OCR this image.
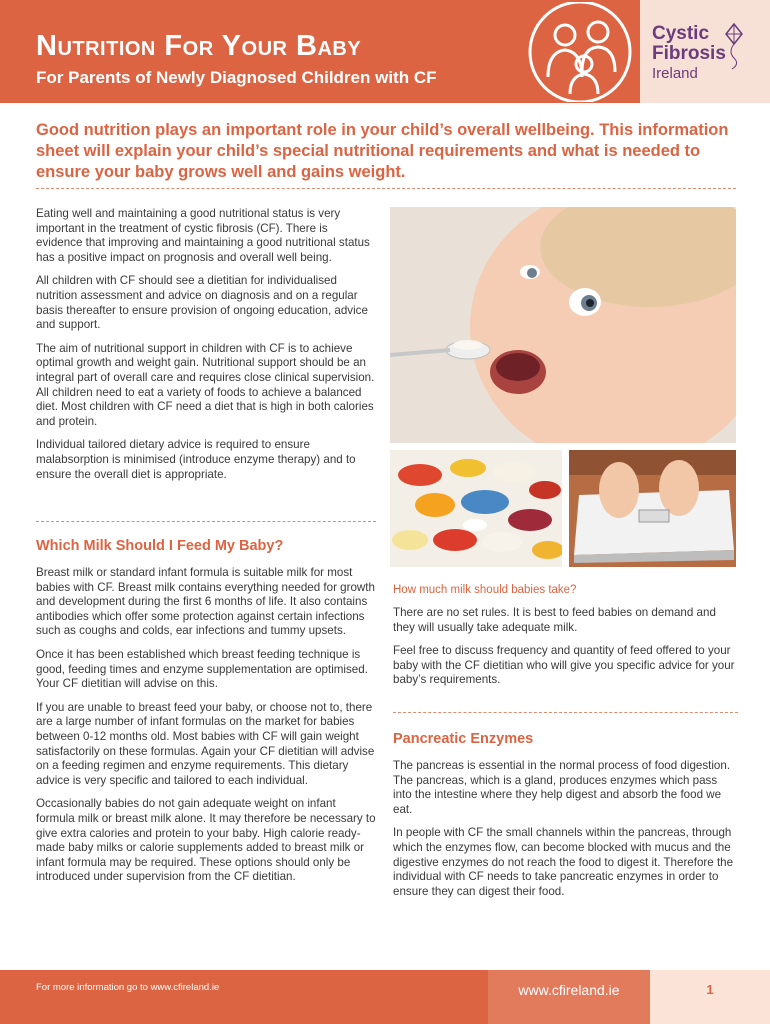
Nutrition For Your Baby
For Parents of Newly Diagnosed Children with CF
Cystic
Fibrosis
Ireland
Good nutrition plays an important role in your child’s overall wellbeing. This information sheet will explain your child’s special nutritional requirements and what is needed to ensure your baby grows well and gains weight.

Eating well and maintaining a good nutritional status is very important in the treatment of cystic fibrosis (CF). There is evidence that improving and maintaining a good nutritional status has a positive impact on prognosis and overall well being.

All children with CF should see a dietitian for individualised nutrition assessment and advice on diagnosis and on a regular basis thereafter to ensure provision of ongoing education, advice and support.

The aim of nutritional support in children with CF is to achieve optimal growth and weight gain. Nutritional support should be an integral part of overall care and requires close clinical supervision. All children need to eat a variety of foods to achieve a balanced diet. Most children with CF need a diet that is high in both calories and protein.

Individual tailored dietary advice is required to ensure malabsorption is minimised (introduce enzyme therapy) and to ensure the overall diet is appropriate.

Which Milk Should I Feed My Baby?

Breast milk or standard infant formula is suitable milk for most babies with CF. Breast milk contains everything needed for growth and development during the first 6 months of life. It also contains antibodies which offer some protection against certain infections such as coughs and colds, ear infections and tummy upsets.

Once it has been established which breast feeding technique is good, feeding times and enzyme supplementation are optimised. Your CF dietitian will advise on this.

If you are unable to breast feed your baby, or choose not to, there are a large number of infant formulas on the market for babies between 0-12 months old. Most babies with CF will gain weight satisfactorily on these formulas. Again your CF dietitian will advise on a feeding regimen and enzyme requirements. This dietary advice is very specific and tailored to each individual.

Occasionally babies do not gain adequate weight on infant formula milk or breast milk alone. It may therefore be necessary to give extra calories and protein to your baby. High calorie ready-made baby milks or calorie supplements added to breast milk or infant formula may be required. These options should only be introduced under supervision from the CF dietitian.

How much milk should babies take?

There are no set rules. It is best to feed babies on demand and they will usually take adequate milk.

Feel free to discuss frequency and quantity of feed offered to your baby with the CF dietitian who will give you specific advice for your baby’s requirements.

Pancreatic Enzymes

The pancreas is essential in the normal process of food digestion. The pancreas, which is a gland, produces enzymes which pass into the intestine where they help digest and absorb the food we eat.

In people with CF the small channels within the pancreas, through which the enzymes flow, can become blocked with mucus and the digestive enzymes do not reach the food to digest it. Therefore the individual with CF needs to take pancreatic enzymes in order to ensure they can digest their food.

For more information go to www.cfireland.ie	www.cfireland.ie	1
